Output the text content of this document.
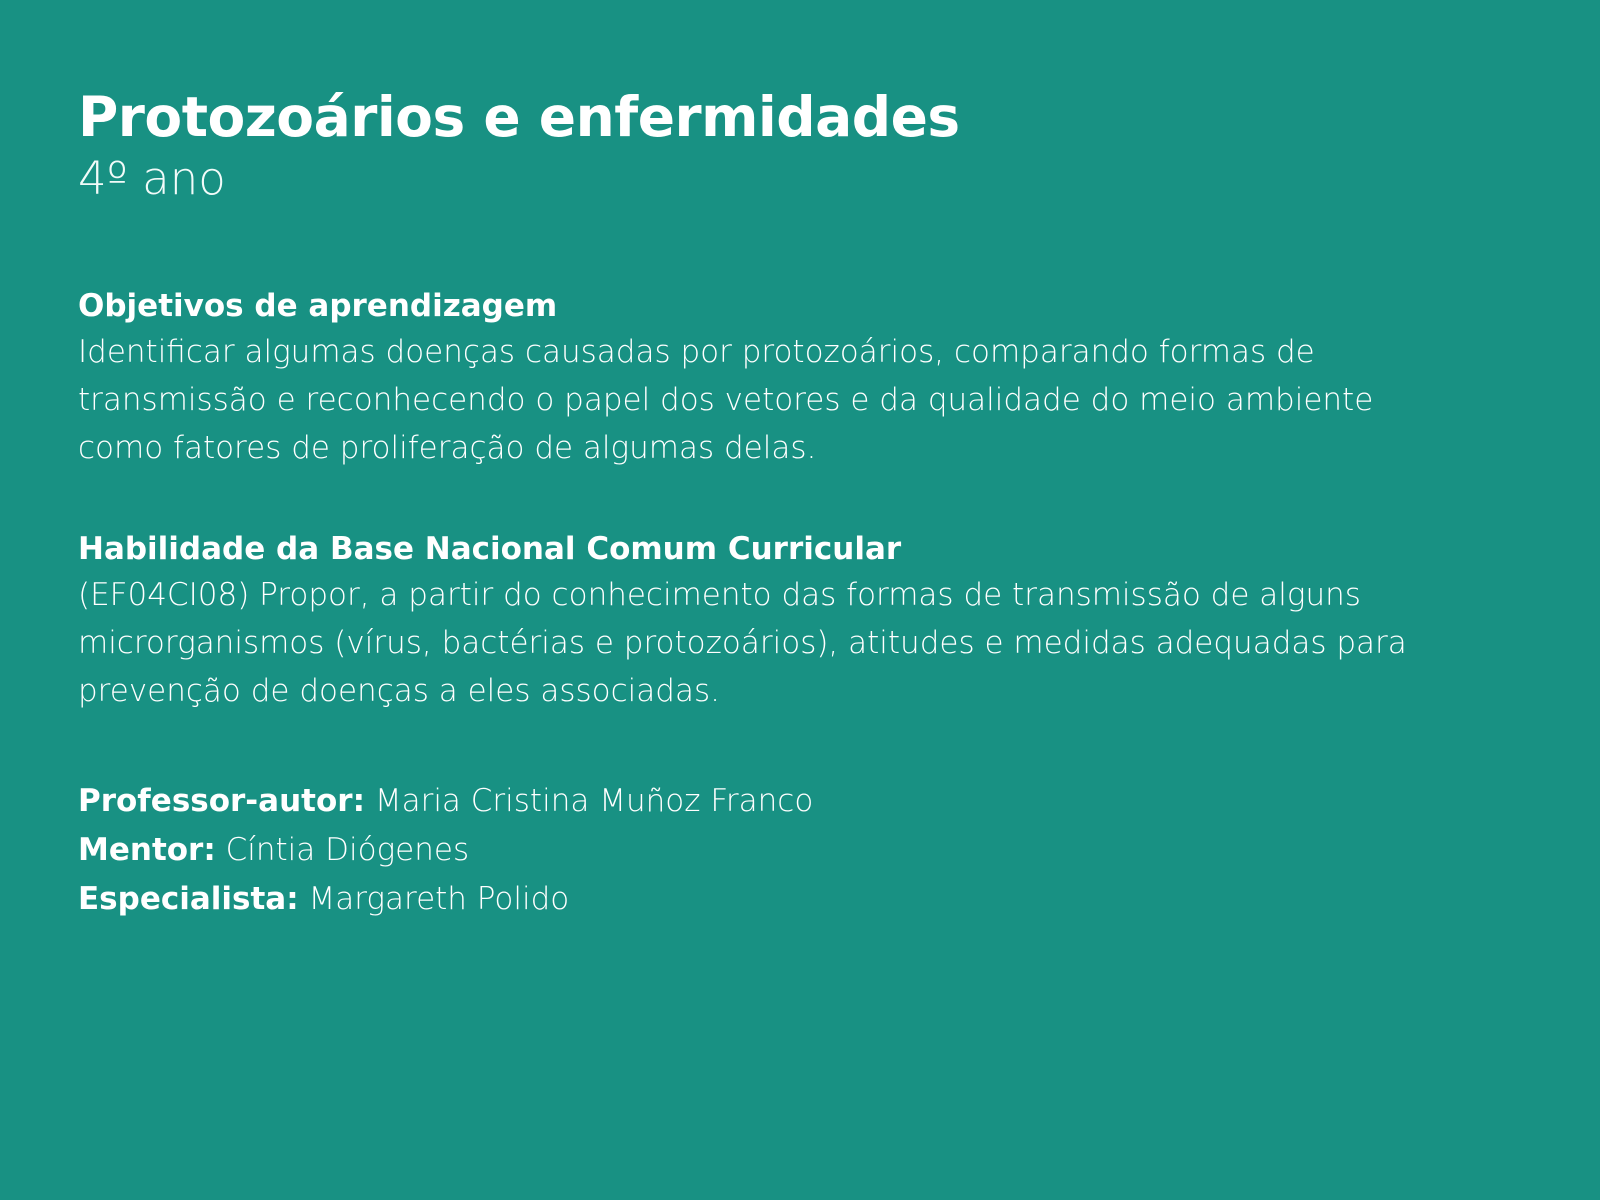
Protozoários e enfermidades
4º ano
Objetivos de aprendizagem

Identificar algumas doenças causadas por protozoários, comparando formas de transmissão e reconhecendo o papel dos vetores e da qualidade do meio ambiente como fatores de proliferação de algumas delas.

Habilidade da Base Nacional Comum Curricular

(EF04CI08) Propor, a partir do conhecimento das formas de transmissão de alguns microrganismos (vírus, bactérias e protozoários), atitudes e medidas adequadas para prevenção de doenças a eles associadas.

Professor-autor: Maria Cristina Muñoz Franco

Mentor: Cíntia Diógenes

Especialista: Margareth Polido
